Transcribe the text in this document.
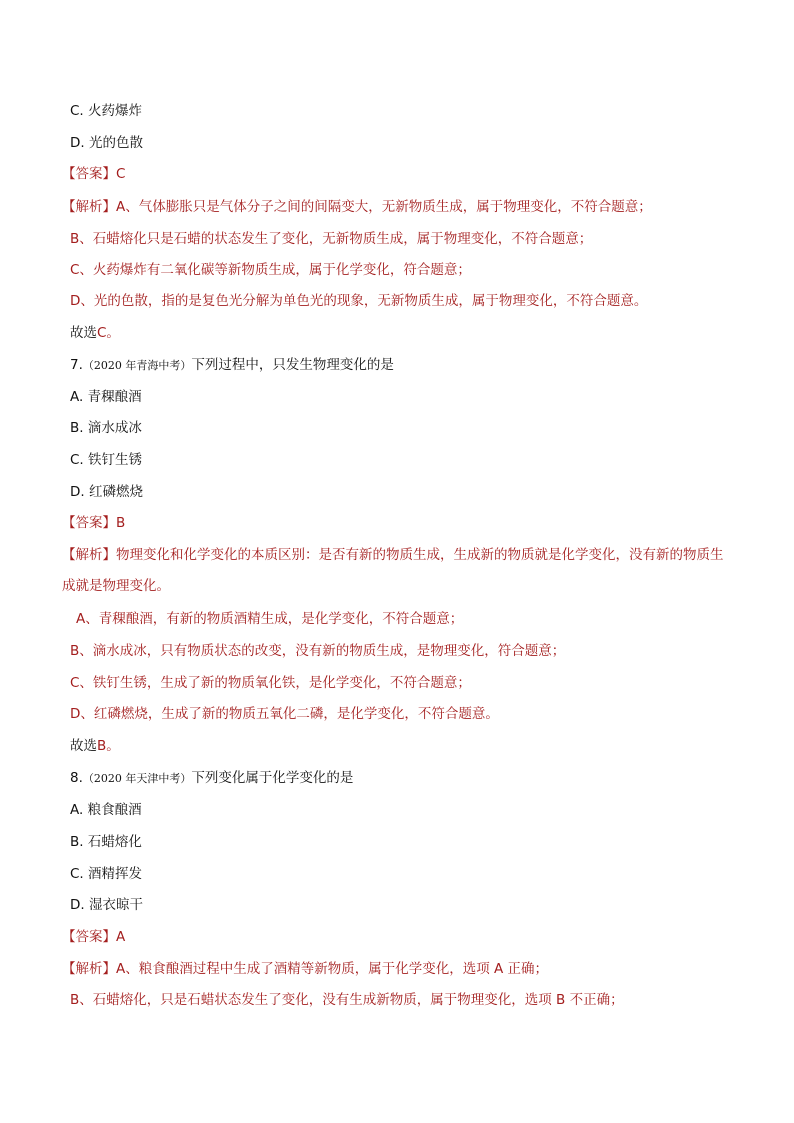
C. 火药爆炸
D. 光的色散
【答案】C
【解析】A、气体膨胀只是气体分子之间的间隔变大，无新物质生成，属于物理变化，不符合题意；
B、石蜡熔化只是石蜡的状态发生了变化，无新物质生成，属于物理变化，不符合题意；
C、火药爆炸有二氧化碳等新物质生成，属于化学变化，符合题意；
D、光的色散，指的是复色光分解为单色光的现象，无新物质生成，属于物理变化，不符合题意。
故选C。
7.（2020 年青海中考）下列过程中，只发生物理变化的是
A. 青稞酿酒
B. 滴水成冰
C. 铁钉生锈
D. 红磷燃烧
【答案】B
【解析】物理变化和化学变化的本质区别：是否有新的物质生成，生成新的物质就是化学变化，没有新的物质生成就是物理变化。
A、青稞酿酒，有新的物质酒精生成，是化学变化，不符合题意；
B、滴水成冰，只有物质状态的改变，没有新的物质生成，是物理变化，符合题意；
C、铁钉生锈，生成了新的物质氧化铁，是化学变化，不符合题意；
D、红磷燃烧，生成了新的物质五氧化二磷，是化学变化，不符合题意。
故选B。
8.（2020 年天津中考）下列变化属于化学变化的是
A. 粮食酿酒
B. 石蜡熔化
C. 酒精挥发
D. 湿衣晾干
【答案】A
【解析】A、粮食酿酒过程中生成了酒精等新物质，属于化学变化，选项 A 正确；
B、石蜡熔化，只是石蜡状态发生了变化，没有生成新物质，属于物理变化，选项 B 不正确；
